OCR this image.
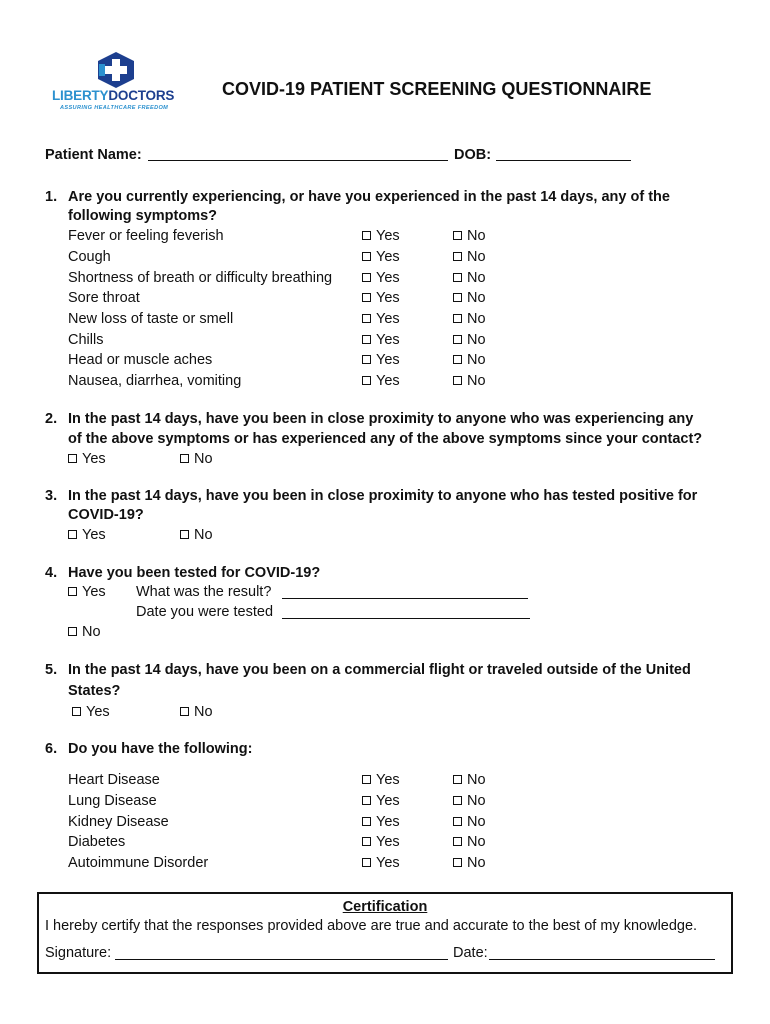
LIBERTYDOCTORS
ASSURING HEALTHCARE FREEDOM
COVID-19 PATIENT SCREENING QUESTIONNAIRE
Patient Name:	DOB:
1. Are you currently experiencing, or have you experienced in the past 14 days, any of the
following symptoms?
Fever or feeling feverish	Yes	No
Cough	Yes	No
Shortness of breath or difficulty breathing	Yes	No
Sore throat	Yes	No
New loss of taste or smell	Yes	No
Chills	Yes	No
Head or muscle aches	Yes	No
Nausea, diarrhea, vomiting	Yes	No
2. In the past 14 days, have you been in close proximity to anyone who was experiencing any
of the above symptoms or has experienced any of the above symptoms since your contact?
Yes	No
3. In the past 14 days, have you been in close proximity to anyone who has tested positive for
COVID-19?
Yes	No
4. Have you been tested for COVID-19?
Yes What was the result?
Date you were tested
No
5. In the past 14 days, have you been on a commercial flight or traveled outside of the United
States?
Yes	No
6. Do you have the following:
Heart Disease	Yes	No
Lung Disease	Yes	No
Kidney Disease	Yes	No
Diabetes	Yes	No
Autoimmune Disorder	Yes	No
Certification
I hereby certify that the responses provided above are true and accurate to the best of my knowledge.
Signature:	Date:
